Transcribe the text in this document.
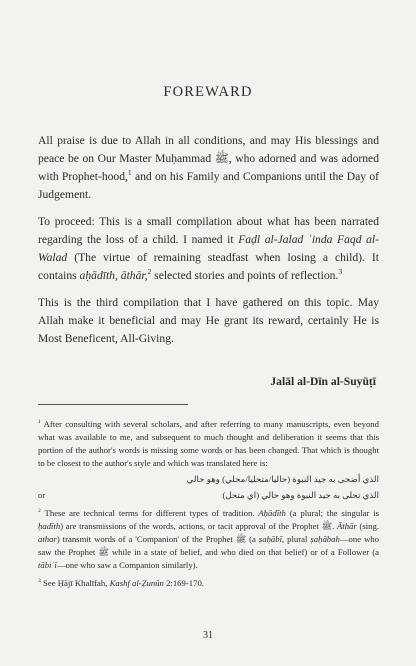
FOREWARD

All praise is due to Allah in all conditions, and may His blessings and peace be on Our Master Muḥammad ﷺ, who adorned and was adorned with Prophet-hood,$^1$ and on his Family and Companions until the Day of Judgement.

To proceed: This is a small compilation about what has been narrated regarding the loss of a child. I named it Faḍl al-Jalad ʿinda Faqd al-Walad (The virtue of remaining steadfast when losing a child). It contains aḥādīth, āthār,$^2$ selected stories and points of reflection.$^3$

This is the third compilation that I have gathered on this topic. May Allah make it beneficial and may He grant its reward, certainly He is Most Beneficent, All-Giving.

Jalāl al-Dīn al-Suyūṭī
$^1$ After consulting with several scholars, and after referring to many manuscripts, even beyond what was available to me, and subsequent to much thought and deliberation it seems that this portion of the author's words is missing some words or has been changed. That which is thought to be closest to the author's style and which was translated here is:
الذي أضحى به جيد النبوة (حاليا/متحليا/محلي) وهو حالي
or	الذي تحلى به جيد النبوة وهو حالي (اي متحل)
$^2$ These are technical terms for different types of tradition. Aḥādīth (a plural; the singular is ḥadīth) are transmissions of the words, actions, or tacit approval of the Prophet ﷺ. Āthār (sing. athar) transmit words of a 'Companion' of the Prophet ﷺ (a ṣaḥābī, plural ṣaḥābah—one who saw the Prophet ﷺ while in a state of belief, and who died on that belief) or of a Follower (a tābiʿī—one who saw a Companion similarly).
$^3$ See Ḥājī Khalīfah, Kashf al-Ẓunūn 2:169-170.
31
